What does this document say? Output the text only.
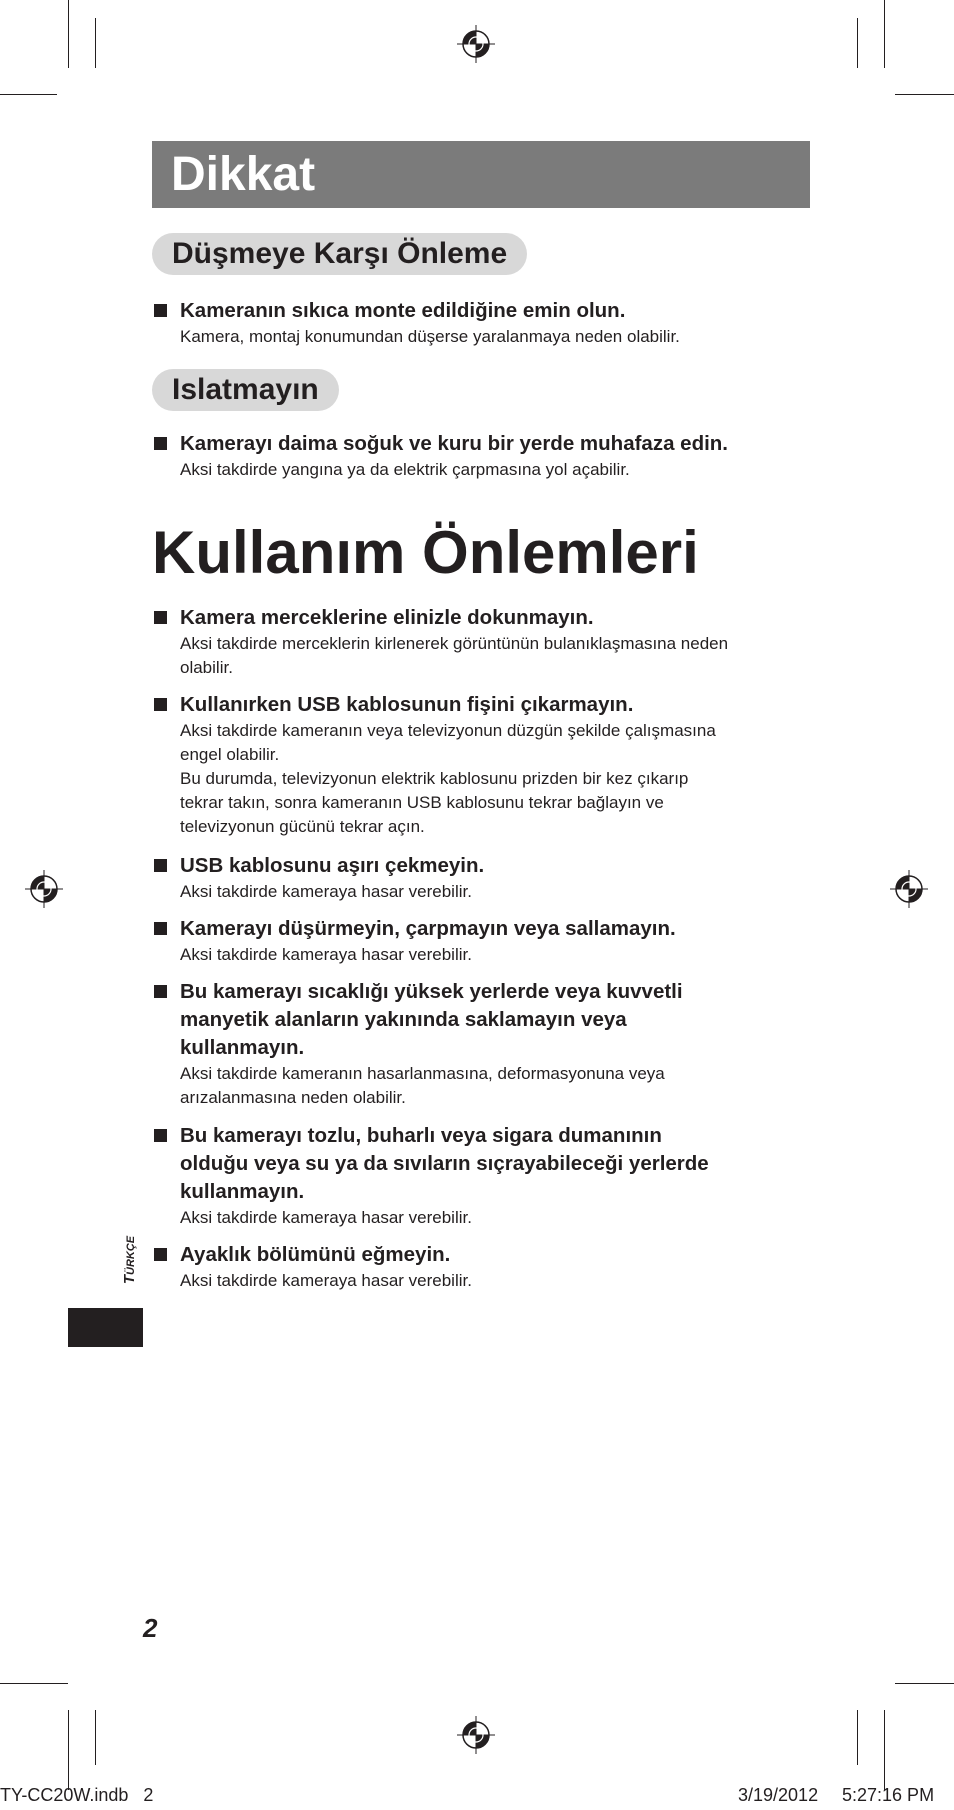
Dikkat
Düşmeye Karşı Önleme
Kameranın sıkıca monte edildiğine emin olun.
Kamera, montaj konumundan düşerse yaralanmaya neden olabilir.
Islatmayın
Kamerayı daima soğuk ve kuru bir yerde muhafaza edin.
Aksi takdirde yangına ya da elektrik çarpmasına yol açabilir.
Kullanım Önlemleri
Kamera merceklerine elinizle dokunmayın.
Aksi takdirde merceklerin kirlenerek görüntünün bulanıklaşmasına neden
olabilir.
Kullanırken USB kablosunun fişini çıkarmayın.
Aksi takdirde kameranın veya televizyonun düzgün şekilde çalışmasına
engel olabilir.
Bu durumda, televizyonun elektrik kablosunu prizden bir kez çıkarıp
tekrar takın, sonra kameranın USB kablosunu tekrar bağlayın ve
televizyonun gücünü tekrar açın.
USB kablosunu aşırı çekmeyin.
Aksi takdirde kameraya hasar verebilir.
Kamerayı düşürmeyin, çarpmayın veya sallamayın.
Aksi takdirde kameraya hasar verebilir.
Bu kamerayı sıcaklığı yüksek yerlerde veya kuvvetli
manyetik alanların yakınında saklamayın veya
kullanmayın.
Aksi takdirde kameranın hasarlanmasına, deformasyonuna veya
arızalanmasına neden olabilir.
Bu kamerayı tozlu, buharlı veya sigara dumanının
olduğu veya su ya da sıvıların sıçrayabileceği yerlerde
kullanmayın.
Aksi takdirde kameraya hasar verebilir.
Ayaklık bölümünü eğmeyin.
Aksi takdirde kameraya hasar verebilir.
Türkçe
2
TY-CC20W.indb   2	3/19/2012 5:27:16 PM
